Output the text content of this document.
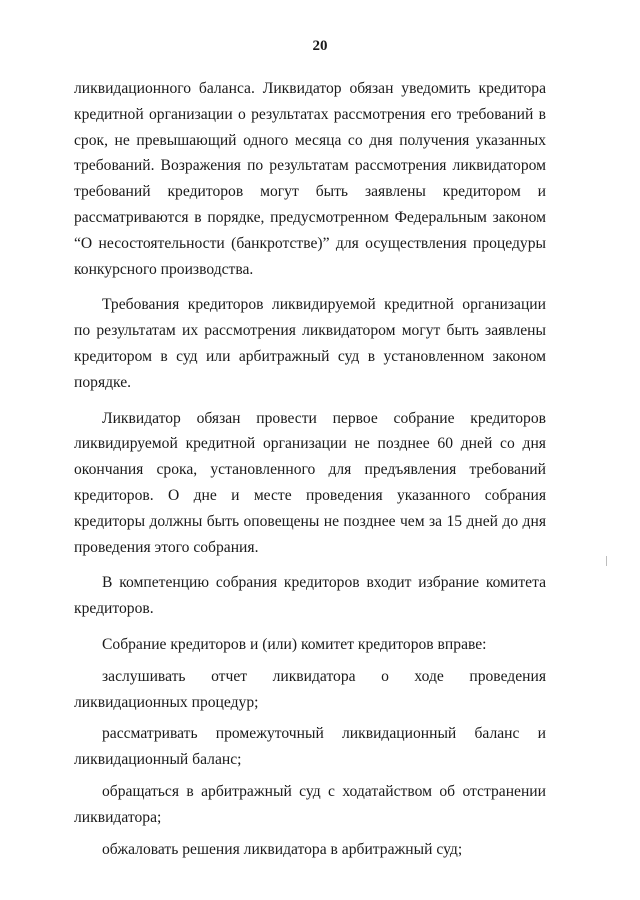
20

ликвидационного баланса. Ликвидатор обязан уведомить кредитора кредитной организации о результатах рассмотрения его требований в срок, не превышающий одного месяца со дня получения указанных требований. Возражения по результатам рассмотрения ликвидатором требований кредиторов могут быть заявлены кредитором и рассматриваются в порядке, предусмотренном Федеральным законом “О несостоятельности (банкротстве)” для осуществления процедуры конкурсного производства.

Требования кредиторов ликвидируемой кредитной организации по результатам их рассмотрения ликвидатором могут быть заявлены кредитором в суд или арбитражный суд в установленном законом порядке.

Ликвидатор обязан провести первое собрание кредиторов ликвидируемой кредитной организации не позднее 60 дней со дня окончания срока, установленного для предъявления требований кредиторов. О дне и месте проведения указанного собрания кредиторы должны быть оповещены не позднее чем за 15 дней до дня проведения этого собрания.

В компетенцию собрания кредиторов входит избрание комитета кредиторов.

Собрание кредиторов и (или) комитет кредиторов вправе:

заслушивать отчет ликвидатора о ходе проведения ликвидационных процедур;

рассматривать промежуточный ликвидационный баланс и ликвидационный баланс;

обращаться в арбитражный суд с ходатайством об отстранении ликвидатора;

обжаловать решения ликвидатора в арбитражный суд;
